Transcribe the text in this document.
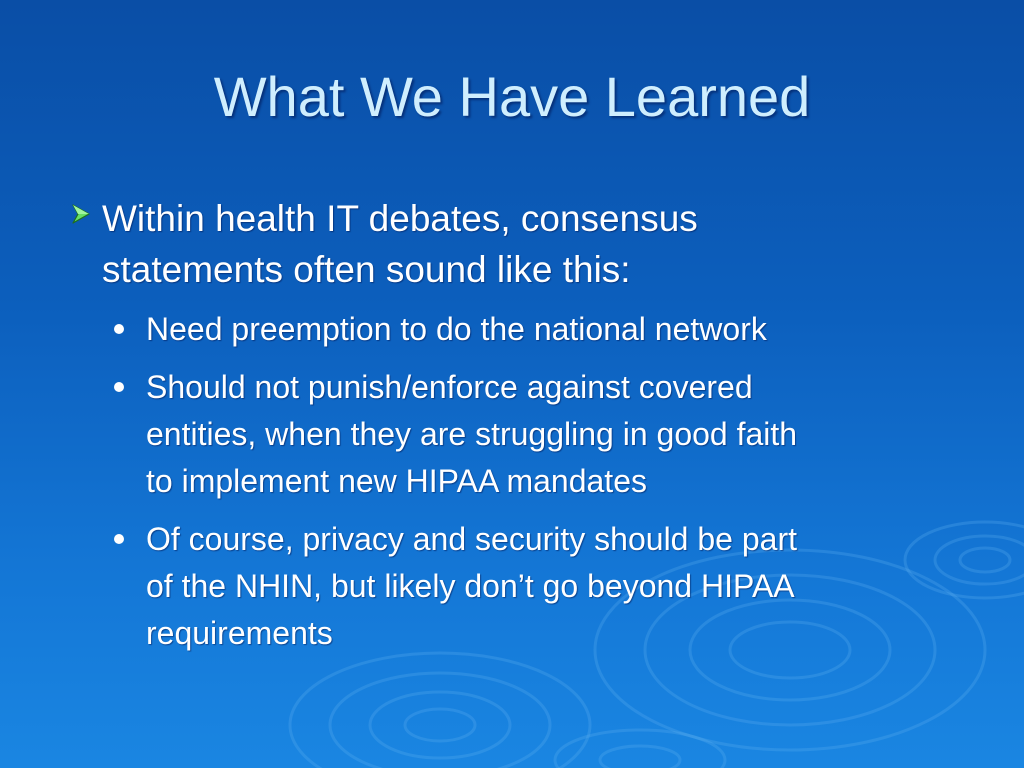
What We Have Learned
Within health IT debates, consensus
statements often sound like this:
Need preemption to do the national network
Should not punish/enforce against covered
entities, when they are struggling in good faith
to implement new HIPAA mandates
Of course, privacy and security should be part
of the NHIN, but likely don’t go beyond HIPAA
requirements
